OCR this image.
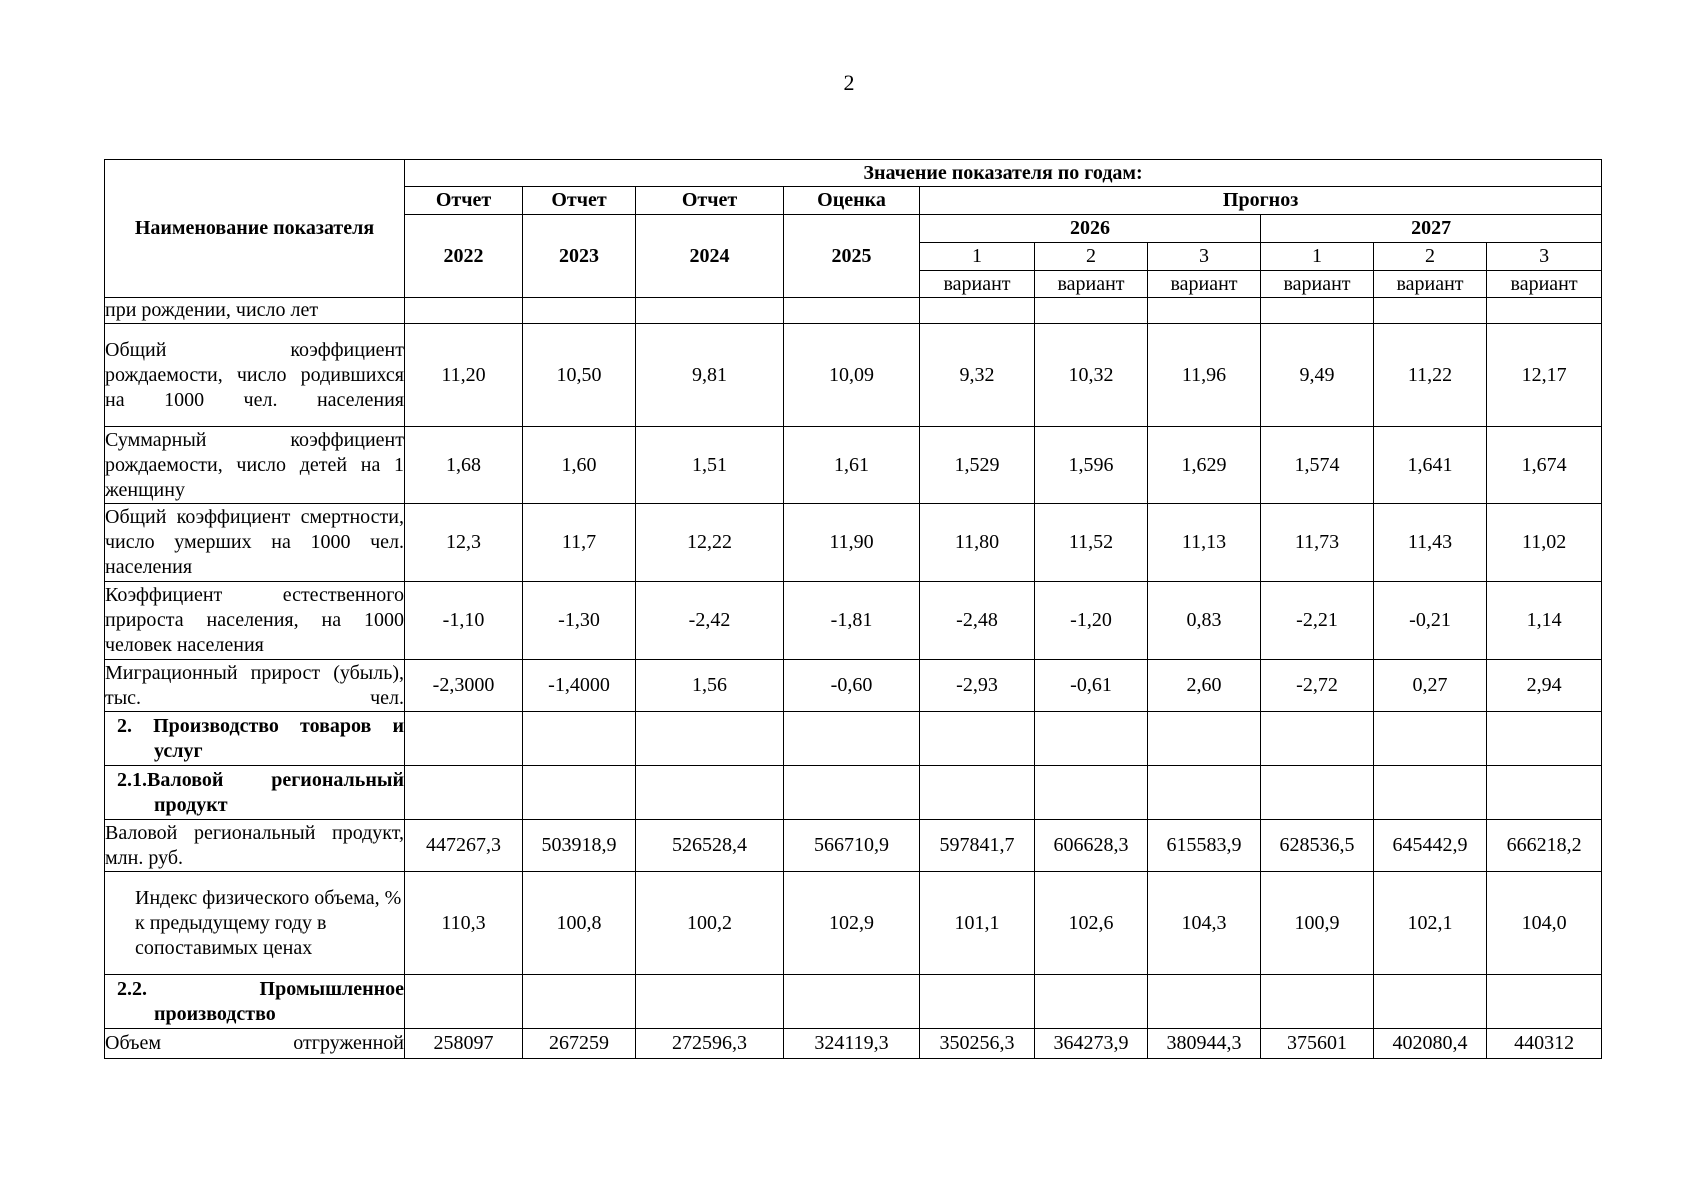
2
Наименование показателя	Значение показателя по годам:									
	Отчет	Отчет	Отчет	Оценка	Прогноз					
	2022	2023	2024	2025	2026			2027		
					1	2	3	1	2	3
					вариант	вариант	вариант	вариант	вариант	вариант
при рождении, число лет										
Общий коэффициент рождаемости, число родившихся на 1000 чел. населения	11,20	10,50	9,81	10,09	9,32	10,32	11,96	9,49	11,22	12,17
Суммарный коэффициент рождаемости, число детей на 1 женщину	1,68	1,60	1,51	1,61	1,529	1,596	1,629	1,574	1,641	1,674
Общий коэффициент смертности, число умерших на 1000 чел. населения	12,3	11,7	12,22	11,90	11,80	11,52	11,13	11,73	11,43	11,02
Коэффициент естественного прироста населения, на 1000 человек населения	-1,10	-1,30	-2,42	-1,81	-2,48	-1,20	0,83	-2,21	-0,21	1,14
Миграционный прирост (убыль), тыс. чел.	-2,3000	-1,4000	1,56	-0,60	-2,93	-0,61	2,60	-2,72	0,27	2,94

2. Производство товаров и услуг										

2.1.Валовой региональный продукт										

Валовой региональный продукт, млн. руб.	447267,3	503918,9	526528,4	566710,9	597841,7	606628,3	615583,9	628536,5	645442,9	666218,2
Индекс физического объема, % к предыдущему году в сопоставимых ценах	110,3	100,8	100,2	102,9	101,1	102,6	104,3	100,9	102,1	104,0

2.2. Промышленное производство										

Объем отгруженной	258097	267259	272596,3	324119,3	350256,3	364273,9	380944,3	375601	402080,4	440312
